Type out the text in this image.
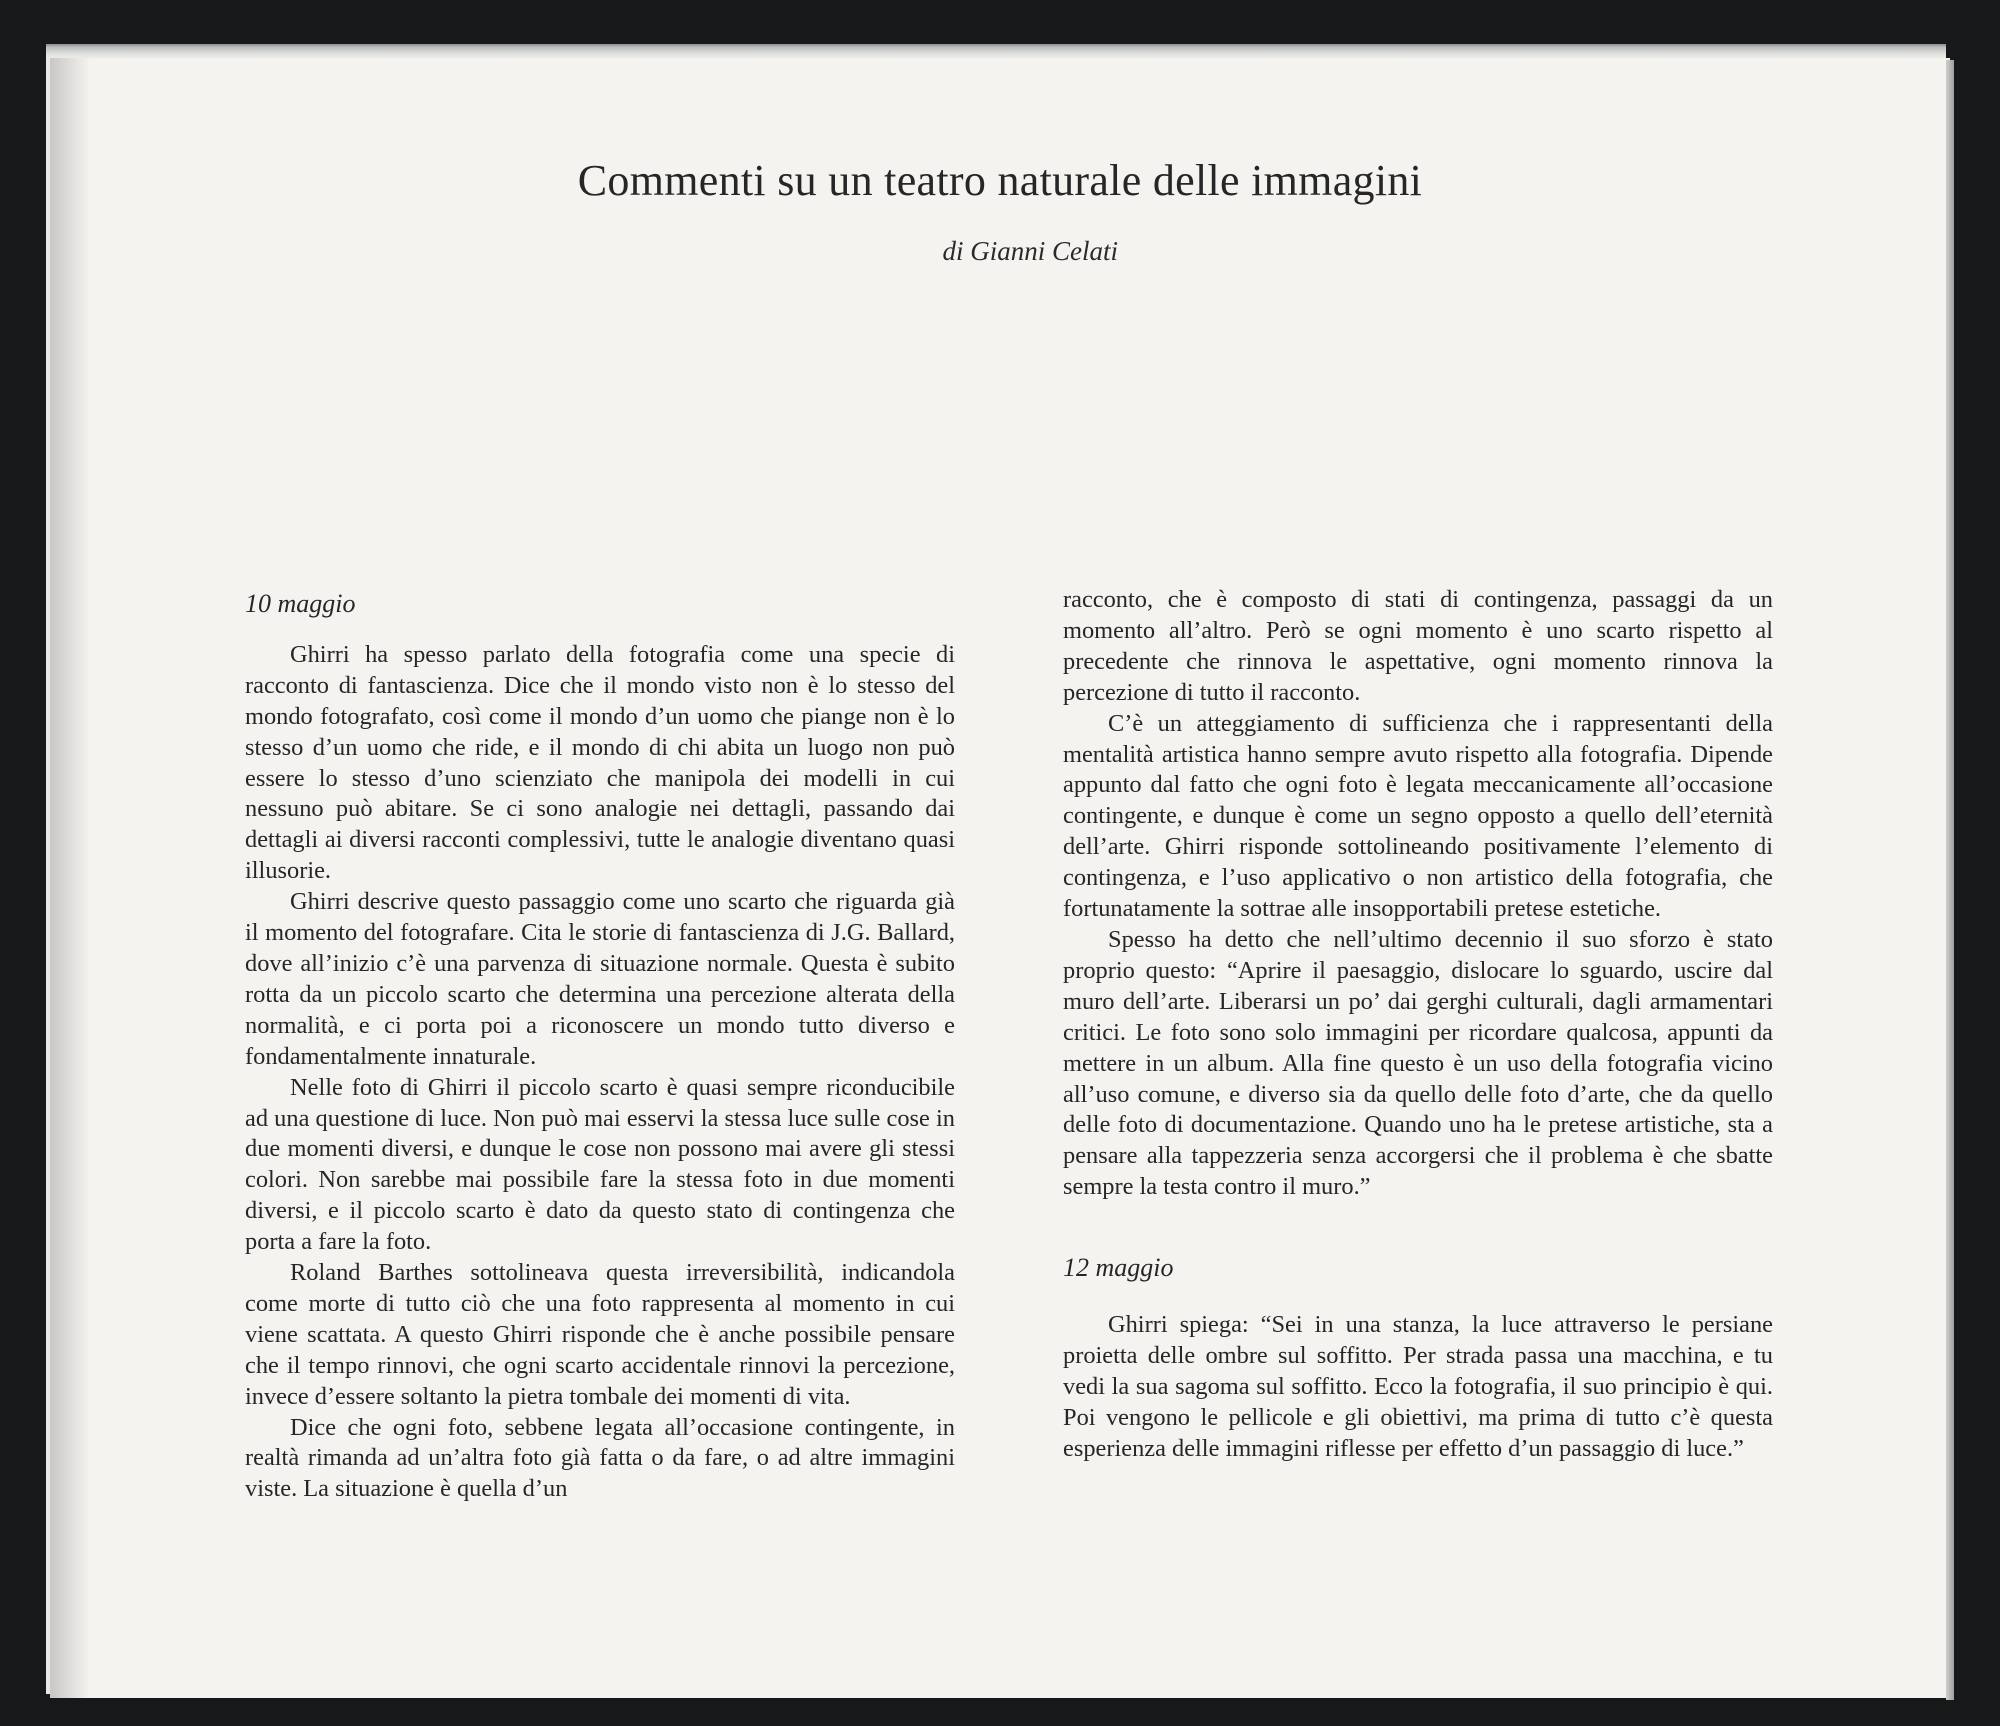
Commenti su un teatro naturale delle immagini
di Gianni Celati
10 maggio

Ghirri ha spesso parlato della fotografia come una specie di racconto di fantascienza. Dice che il mondo visto non è lo stesso del mondo fotografato, così come il mondo d’un uomo che piange non è lo stesso d’un uomo che ride, e il mondo di chi abita un luogo non può essere lo stesso d’uno scienziato che manipola dei modelli in cui nessuno può abitare. Se ci sono analogie nei dettagli, passando dai dettagli ai diversi racconti complessivi, tutte le analogie diventano quasi illusorie.

Ghirri descrive questo passaggio come uno scarto che riguarda già il momento del fotografare. Cita le storie di fantascienza di J.G. Ballard, dove all’inizio c’è una parvenza di situazione normale. Questa è subito rotta da un piccolo scarto che determina una percezione alterata della normalità, e ci porta poi a riconoscere un mondo tutto diverso e fondamentalmente innaturale.

Nelle foto di Ghirri il piccolo scarto è quasi sempre riconducibile ad una questione di luce. Non può mai esservi la stessa luce sulle cose in due momenti diversi, e dunque le cose non possono mai avere gli stessi colori. Non sarebbe mai possibile fare la stessa foto in due momenti diversi, e il piccolo scarto è dato da questo stato di contingenza che porta a fare la foto.

Roland Barthes sottolineava questa irreversibilità, indicandola come morte di tutto ciò che una foto rappresenta al momento in cui viene scattata. A questo Ghirri risponde che è anche possibile pensare che il tempo rinnovi, che ogni scarto accidentale rinnovi la percezione, invece d’essere soltanto la pietra tombale dei momenti di vita.

Dice che ogni foto, sebbene legata all’occasione contingente, in realtà rimanda ad un’altra foto già fatta o da fare, o ad altre immagini viste. La situazione è quella d’un

racconto, che è composto di stati di contingenza, passaggi da un momento all’altro. Però se ogni momento è uno scarto rispetto al precedente che rinnova le aspettative, ogni momento rinnova la percezione di tutto il racconto.

C’è un atteggiamento di sufficienza che i rappresentanti della mentalità artistica hanno sempre avuto rispetto alla fotografia. Dipende appunto dal fatto che ogni foto è legata meccanicamente all’occasione contingente, e dunque è come un segno opposto a quello dell’eternità dell’arte. Ghirri risponde sottolineando positivamente l’elemento di contingenza, e l’uso applicativo o non artistico della fotografia, che fortunatamente la sottrae alle insopportabili pretese estetiche.

Spesso ha detto che nell’ultimo decennio il suo sforzo è stato proprio questo: “Aprire il paesaggio, dislocare lo sguardo, uscire dal muro dell’arte. Liberarsi un po’ dai gerghi culturali, dagli armamentari critici. Le foto sono solo immagini per ricordare qualcosa, appunti da mettere in un album. Alla fine questo è un uso della fotografia vicino all’uso comune, e diverso sia da quello delle foto d’arte, che da quello delle foto di documentazione. Quando uno ha le pretese artistiche, sta a pensare alla tappezzeria senza accorgersi che il problema è che sbatte sempre la testa contro il muro.”

12 maggio

Ghirri spiega: “Sei in una stanza, la luce attraverso le persiane proietta delle ombre sul soffitto. Per strada passa una macchina, e tu vedi la sua sagoma sul soffitto. Ecco la fotografia, il suo principio è qui. Poi vengono le pellicole e gli obiettivi, ma prima di tutto c’è questa esperienza delle immagini riflesse per effetto d’un passaggio di luce.”
